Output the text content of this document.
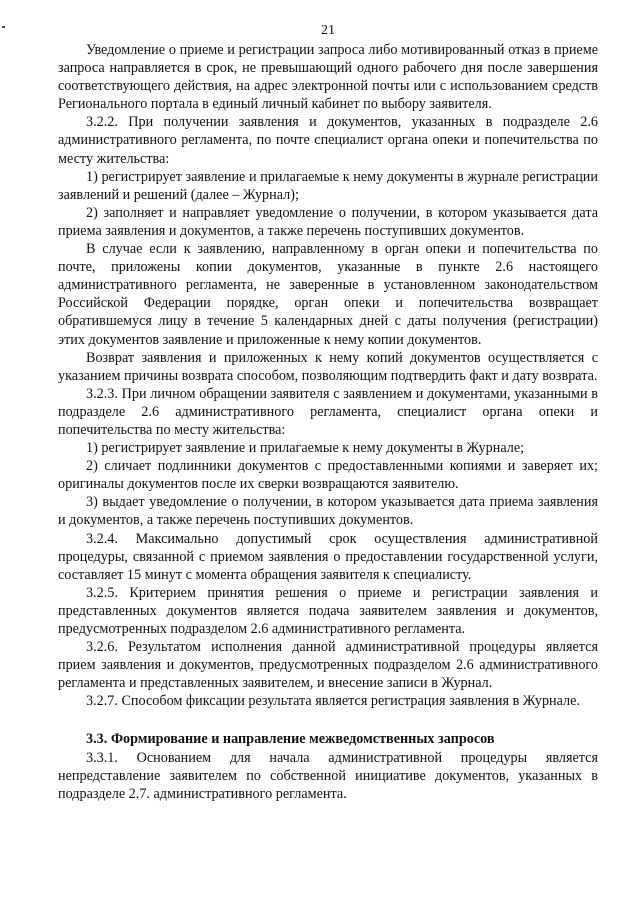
21

Уведомление о приеме и регистрации запроса либо мотивированный отказ в приеме запроса направляется в срок, не превышающий одного рабочего дня после завершения соответствующего действия, на адрес электронной почты или с использованием средств Регионального портала в единый личный кабинет по выбору заявителя.

3.2.2. При получении заявления и документов, указанных в подразделе 2.6 административного регламента, по почте специалист органа опеки и попечительства по месту жительства:

1) регистрирует заявление и прилагаемые к нему документы в журнале регистрации заявлений и решений (далее – Журнал);

2) заполняет и направляет уведомление о получении, в котором указывается дата приема заявления и документов, а также перечень поступивших документов.

В случае если к заявлению, направленному в орган опеки и попечительства по почте, приложены копии документов, указанные в пункте 2.6 настоящего административного регламента, не заверенные в установленном законодательством Российской Федерации порядке, орган опеки и попечительства возвращает обратившемуся лицу в течение 5 календарных дней с даты получения (регистрации) этих документов заявление и приложенные к нему копии документов.

Возврат заявления и приложенных к нему копий документов осуществляется с указанием причины возврата способом, позволяющим подтвердить факт и дату возврата.

3.2.3. При личном обращении заявителя с заявлением и документами, указанными в подразделе 2.6 административного регламента, специалист органа опеки и попечительства по месту жительства:

1) регистрирует заявление и прилагаемые к нему документы в Журнале;

2) сличает подлинники документов с предоставленными копиями и заверяет их; оригиналы документов после их сверки возвращаются заявителю.

3) выдает уведомление о получении, в котором указывается дата приема заявления и документов, а также перечень поступивших документов.

3.2.4. Максимально допустимый срок осуществления административной процедуры, связанной с приемом заявления о предоставлении государственной услуги, составляет 15 минут с момента обращения заявителя к специалисту.

3.2.5. Критерием принятия решения о приеме и регистрации заявления и представленных документов является подача заявителем заявления и документов, предусмотренных подразделом 2.6 административного регламента.

3.2.6. Результатом исполнения данной административной процедуры является прием заявления и документов, предусмотренных подразделом 2.6 административного регламента и представленных заявителем, и внесение записи в Журнал.

3.2.7. Способом фиксации результата является регистрация заявления в Журнале.

3.3. Формирование и направление межведомственных запросов

3.3.1. Основанием для начала административной процедуры является непредставление заявителем по собственной инициативе документов, указанных в подразделе 2.7. административного регламента.
